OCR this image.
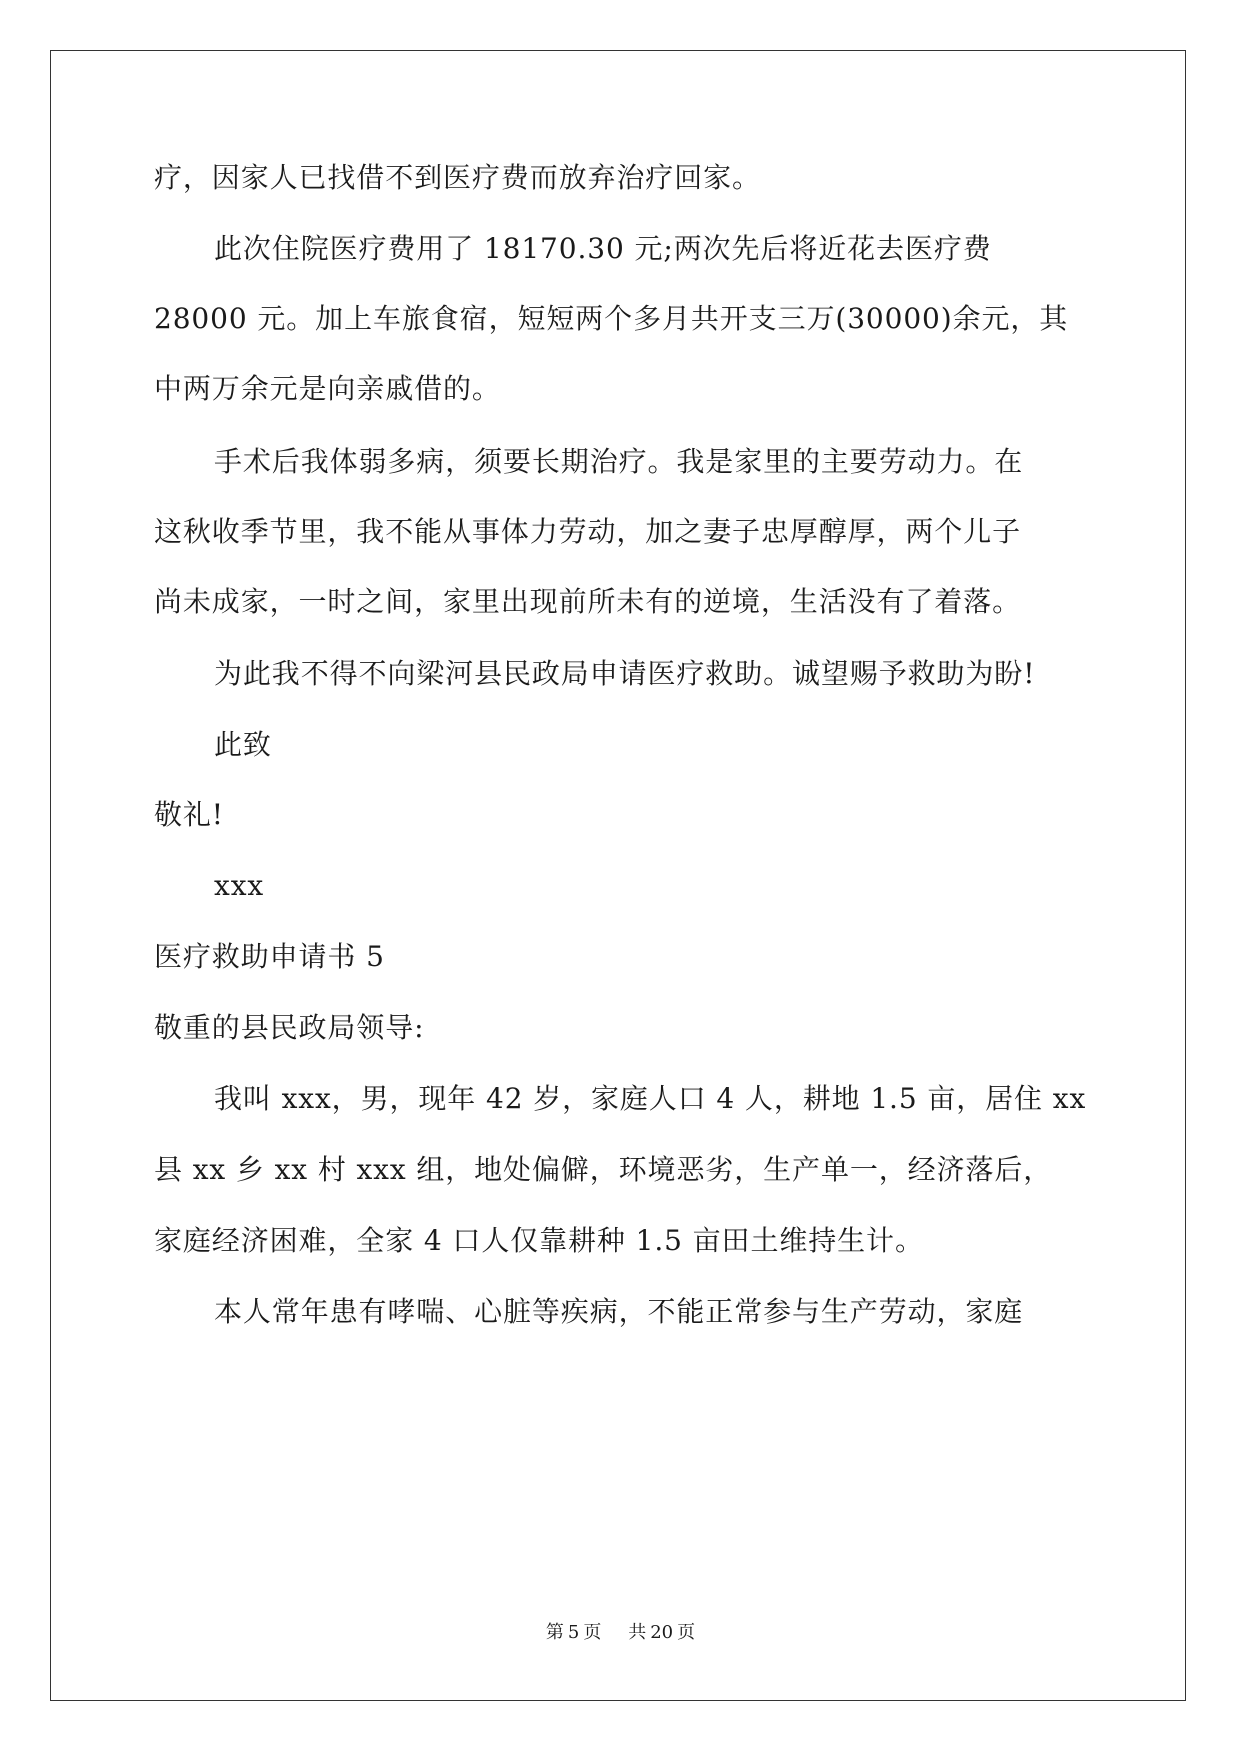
疗，因家人已找借不到医疗费而放弃治疗回家。
此次住院医疗费用了 18170.30 元;两次先后将近花去医疗费
28000 元。加上车旅食宿，短短两个多月共开支三万(30000)余元，其
中两万余元是向亲戚借的。
手术后我体弱多病，须要长期治疗。我是家里的主要劳动力。在
这秋收季节里，我不能从事体力劳动，加之妻子忠厚醇厚，两个儿子
尚未成家，一时之间，家里出现前所未有的逆境，生活没有了着落。
为此我不得不向梁河县民政局申请医疗救助。诚望赐予救助为盼!
此致
敬礼!
xxx
医疗救助申请书 5
敬重的县民政局领导:
我叫 xxx，男，现年 42 岁，家庭人口 4 人，耕地 1.5 亩，居住 xx
县 xx 乡 xx 村 xxx 组，地处偏僻，环境恶劣，生产单一，经济落后，
家庭经济困难，全家 4 口人仅靠耕种 1.5 亩田土维持生计。
本人常年患有哮喘、心脏等疾病，不能正常参与生产劳动，家庭
第 5 页 共 20 页
